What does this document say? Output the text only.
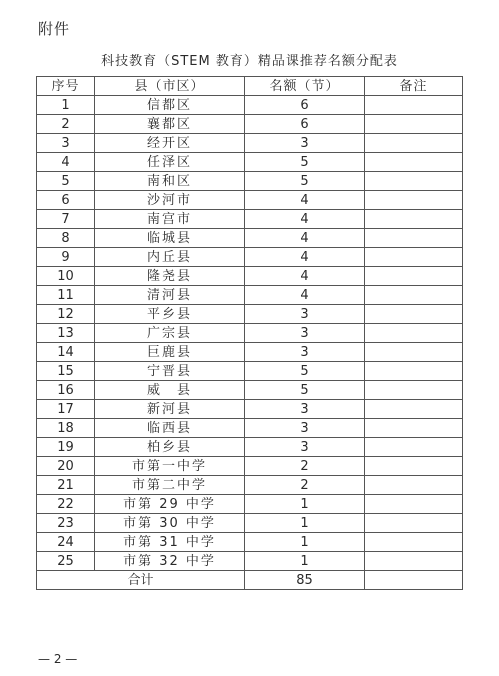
附件
科技教育（STEM 教育）精品课推荐名额分配表
序号	县（市区）	名额（节）	备注
1	信都区	6	
2	襄都区	6	
3	经开区	3	
4	任泽区	5	
5	南和区	5	
6	沙河市	4	
7	南宫市	4	
8	临城县	4	
9	内丘县	4	
10	隆尧县	4	
11	清河县	4	
12	平乡县	3	
13	广宗县	3	
14	巨鹿县	3	
15	宁晋县	5	
16	威　县	5	
17	新河县	3	
18	临西县	3	
19	柏乡县	3	
20	市第一中学	2	
21	市第二中学	2	
22	市第 29 中学	1	
23	市第 30 中学	1	
24	市第 31 中学	1	
25	市第 32 中学	1	
合计		85	
— 2 —
